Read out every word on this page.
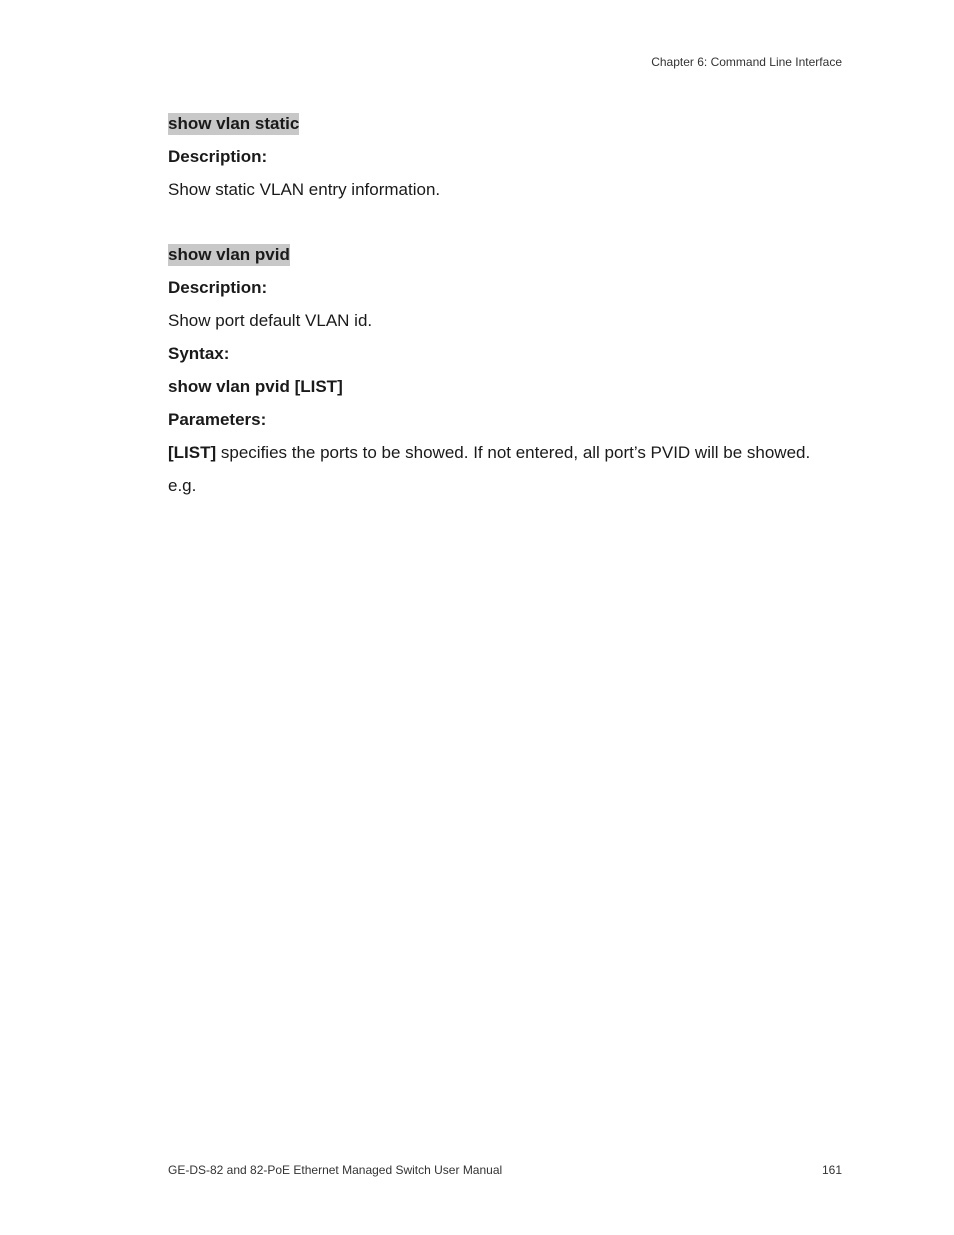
Chapter 6: Command Line Interface
show vlan static
Description:
Show static VLAN entry information.
show vlan pvid
Description:
Show port default VLAN id.
Syntax:
show vlan pvid [LIST]
Parameters:
[LIST] specifies the ports to be showed. If not entered, all port’s PVID will be showed.
e.g.
GE-DS-82 and 82-PoE Ethernet Managed Switch User Manual	161
